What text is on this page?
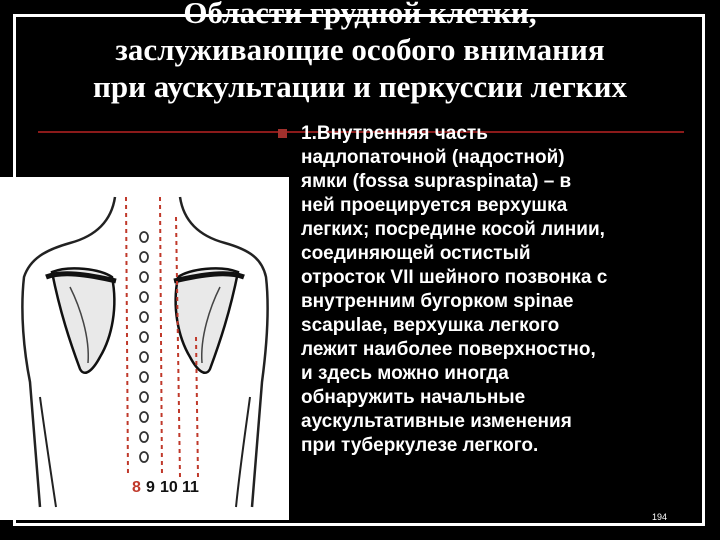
Области грудной клетки,
заслуживающие особого внимания
при аускультации и перкуссии легких
1.Внутренняя часть
надлопаточной (надостной)
ямки (fossa supraspinata) – в
ней проецируется верхушка
легких; посредине косой линии,
соединяющей остистый
отросток VII шейного позвонка с
внутренним бугорком spinae
scapulae, верхушка легкого
лежит наиболее поверхностно,
и здесь можно иногда
обнаружить начальные
аускультативные изменения
при туберкулезе легкого.
8 9 10 11
194
